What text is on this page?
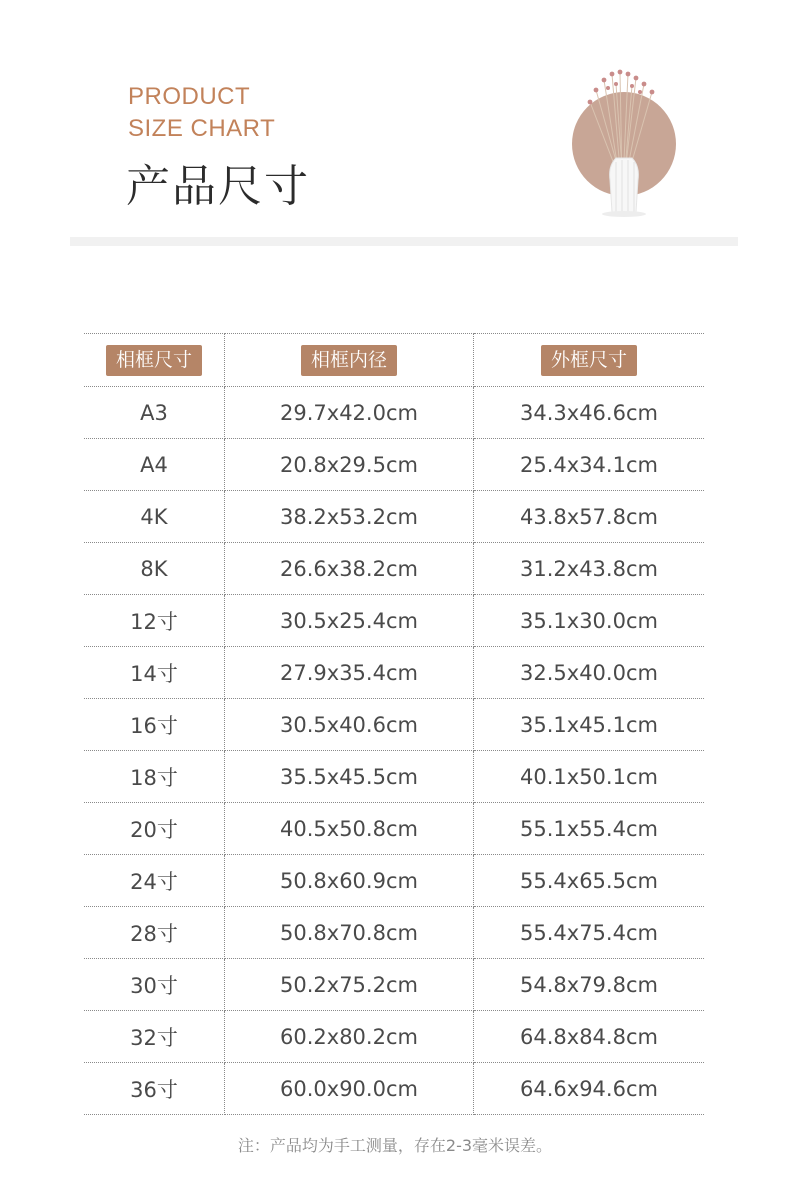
PRODUCT
SIZE CHART
产品尺寸
相框尺寸	相框内径	外框尺寸
A3	29.7x42.0cm	34.3x46.6cm
A4	20.8x29.5cm	25.4x34.1cm
4K	38.2x53.2cm	43.8x57.8cm
8K	26.6x38.2cm	31.2x43.8cm
12寸	30.5x25.4cm	35.1x30.0cm
14寸	27.9x35.4cm	32.5x40.0cm
16寸	30.5x40.6cm	35.1x45.1cm
18寸	35.5x45.5cm	40.1x50.1cm
20寸	40.5x50.8cm	55.1x55.4cm
24寸	50.8x60.9cm	55.4x65.5cm
28寸	50.8x70.8cm	55.4x75.4cm
30寸	50.2x75.2cm	54.8x79.8cm
32寸	60.2x80.2cm	64.8x84.8cm
36寸	60.0x90.0cm	64.6x94.6cm
注：产品均为手工测量，存在2-3毫米误差。
